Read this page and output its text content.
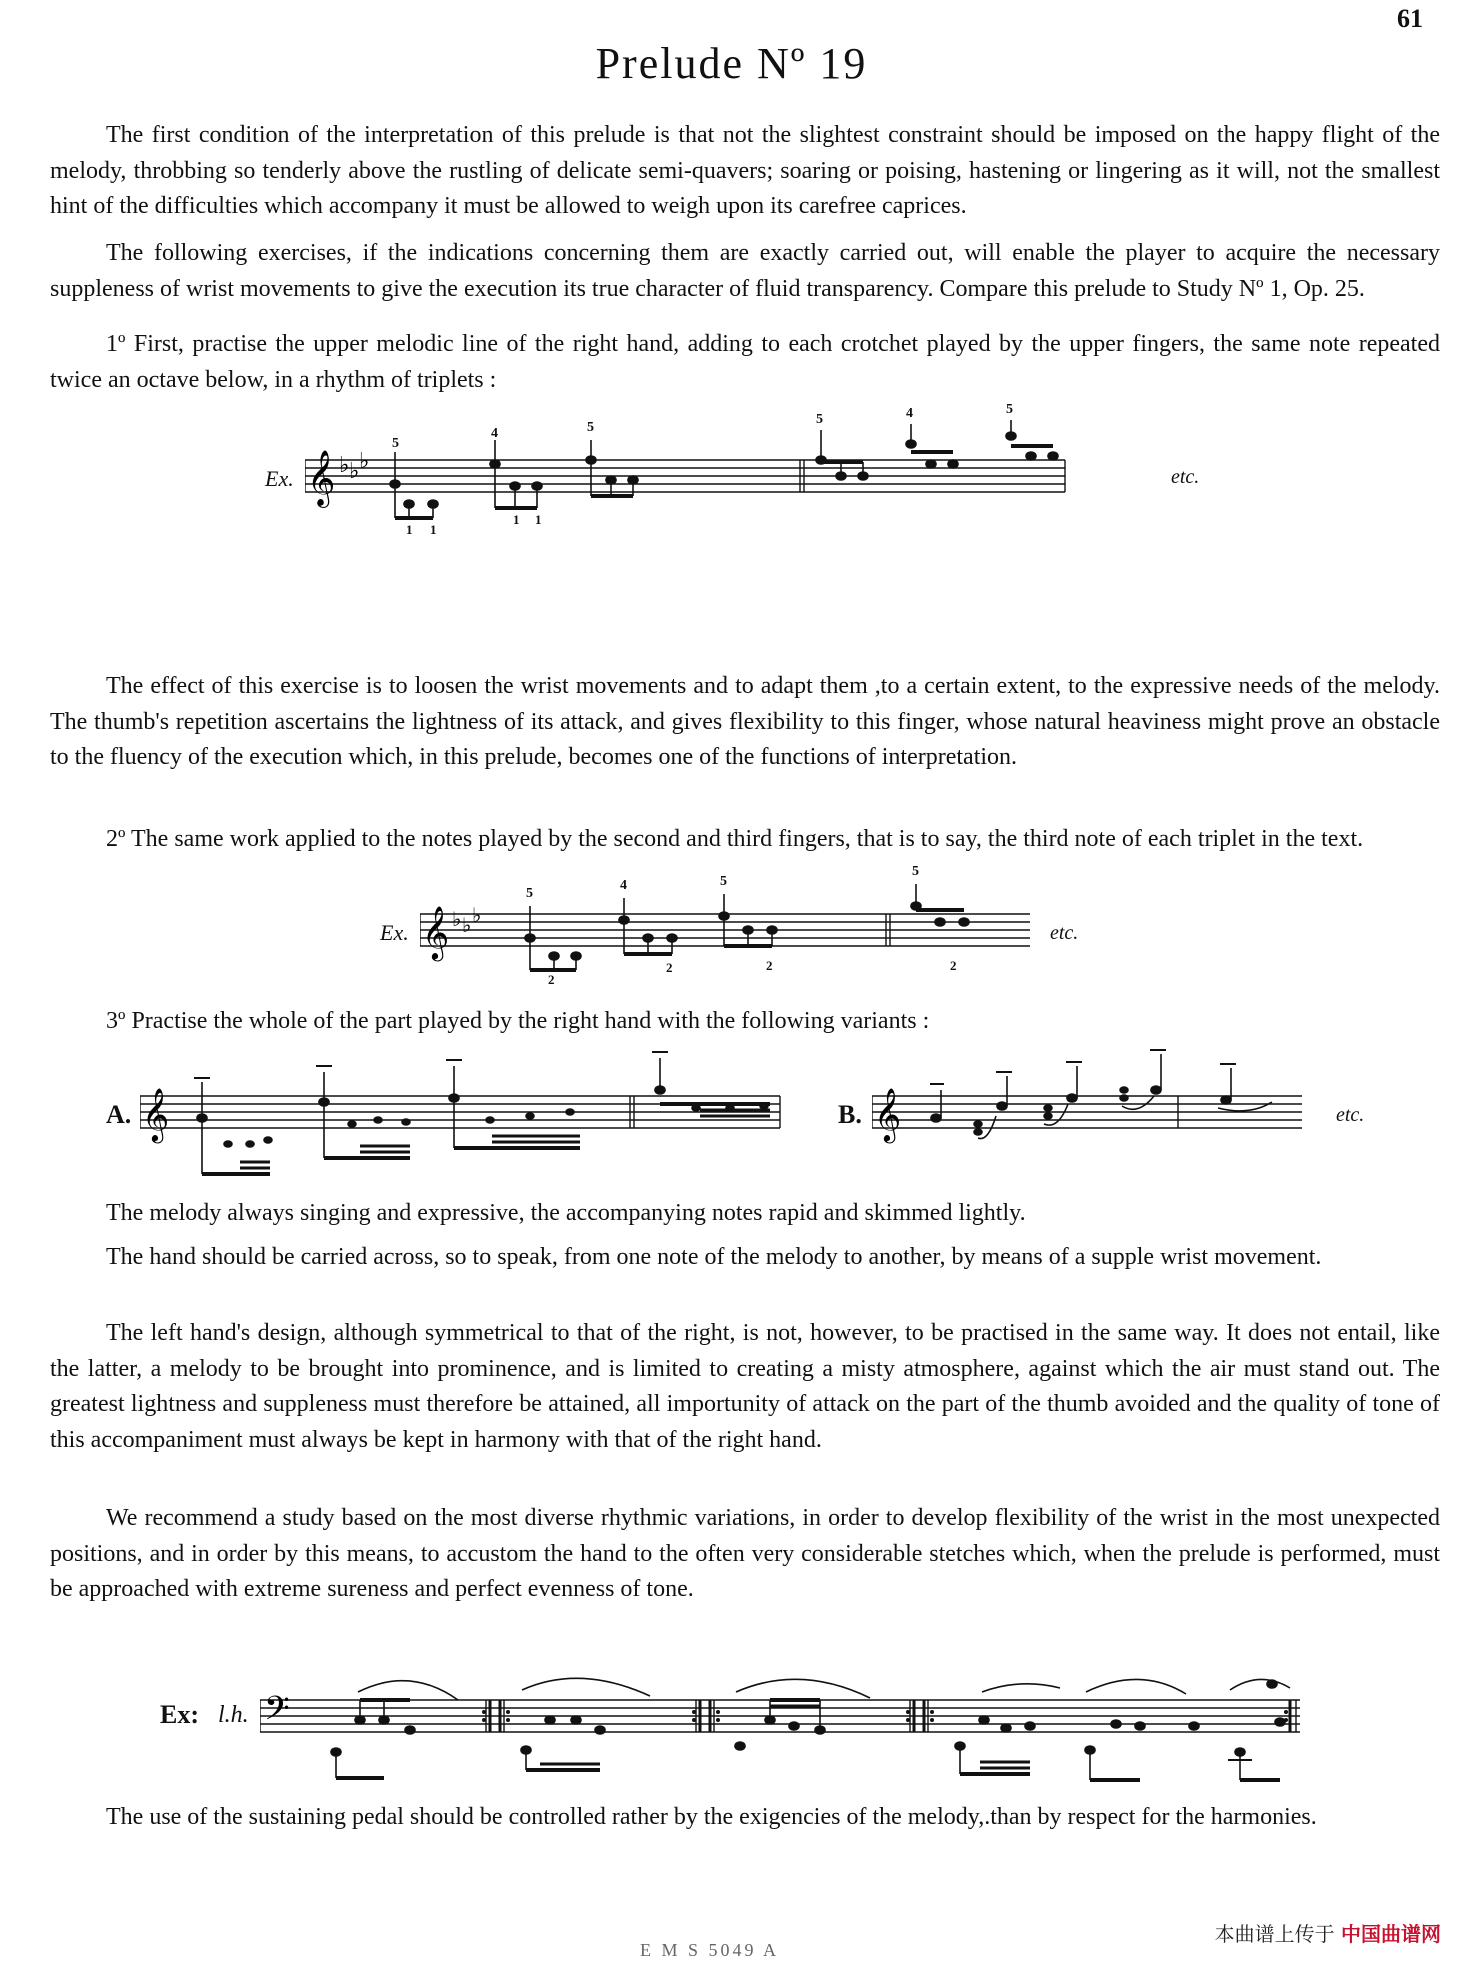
61
Prelude Nº 19

The first condition of the interpretation of this prelude is that not the slightest constraint should be imposed on the happy flight of the melody, throbbing so tenderly above the rustling of delicate semi-quavers; soaring or poising, hastening or lingering as it will, not the smallest hint of the difficulties which accompany it must be allowed to weigh upon its carefree caprices.

The following exercises, if the indications concerning them are exactly carried out, will enable the player to acquire the necessary suppleness of wrist movements to give the execution its true character of fluid transparency. Compare this prelude to Study Nº 1, Op. 25.

1º First, practise the upper melodic line of the right hand, adding to each crotchet played by the upper fingers, the same note repeated twice an octave below, in a rhythm of triplets :

Ex. 𝄞 ♭ ♭ ♭
5
4	5
5	4	5
1 1
1 1
etc.

The effect of this exercise is to loosen the wrist movements and to adapt them ,to a certain extent, to the expressive needs of the melody. The thumb's repetition ascertains the lightness of its attack, and gives flexibility to this finger, whose natural heaviness might prove an obstacle to the fluency of the execution which, in this prelude, becomes one of the functions of interpretation.

2º The same work applied to the notes played by the second and third fingers, that is to say, the third note of each triplet in the text.

Ex. 𝄞 ♭ ♭ ♭
5
4	5
5
2
2	2	2
etc.

3º Practise the whole of the part played by the right hand with the following variants :

A. 𝄞	B. 𝄞	etc.

The melody always singing and expressive, the accompanying notes rapid and skimmed lightly.

The hand should be carried across, so to speak, from one note of the melody to another, by means of a supple wrist movement.

The left hand's design, although symmetrical to that of the right, is not, however, to be practised in the same way. It does not entail, like the latter, a melody to be brought into prominence, and is limited to creating a misty atmosphere, against which the air must stand out. The greatest lightness and suppleness must therefore be attained, all importunity of attack on the part of the thumb avoided and the quality of tone of this accompaniment must always be kept in harmony with that of the right hand.

We recommend a study based on the most diverse rhythmic variations, in order to develop flexibility of the wrist in the most unexpected positions, and in order by this means, to accustom the hand to the often very considerable stetches which, when the prelude is performed, must be approached with extreme sureness and perfect evenness of tone.

Ex: l.h. 𝄢

The use of the sustaining pedal should be controlled rather by the exigencies of the melody,.than by respect for the harmonies.

本曲谱上传于 中国曲谱网
E M S 5049 A
